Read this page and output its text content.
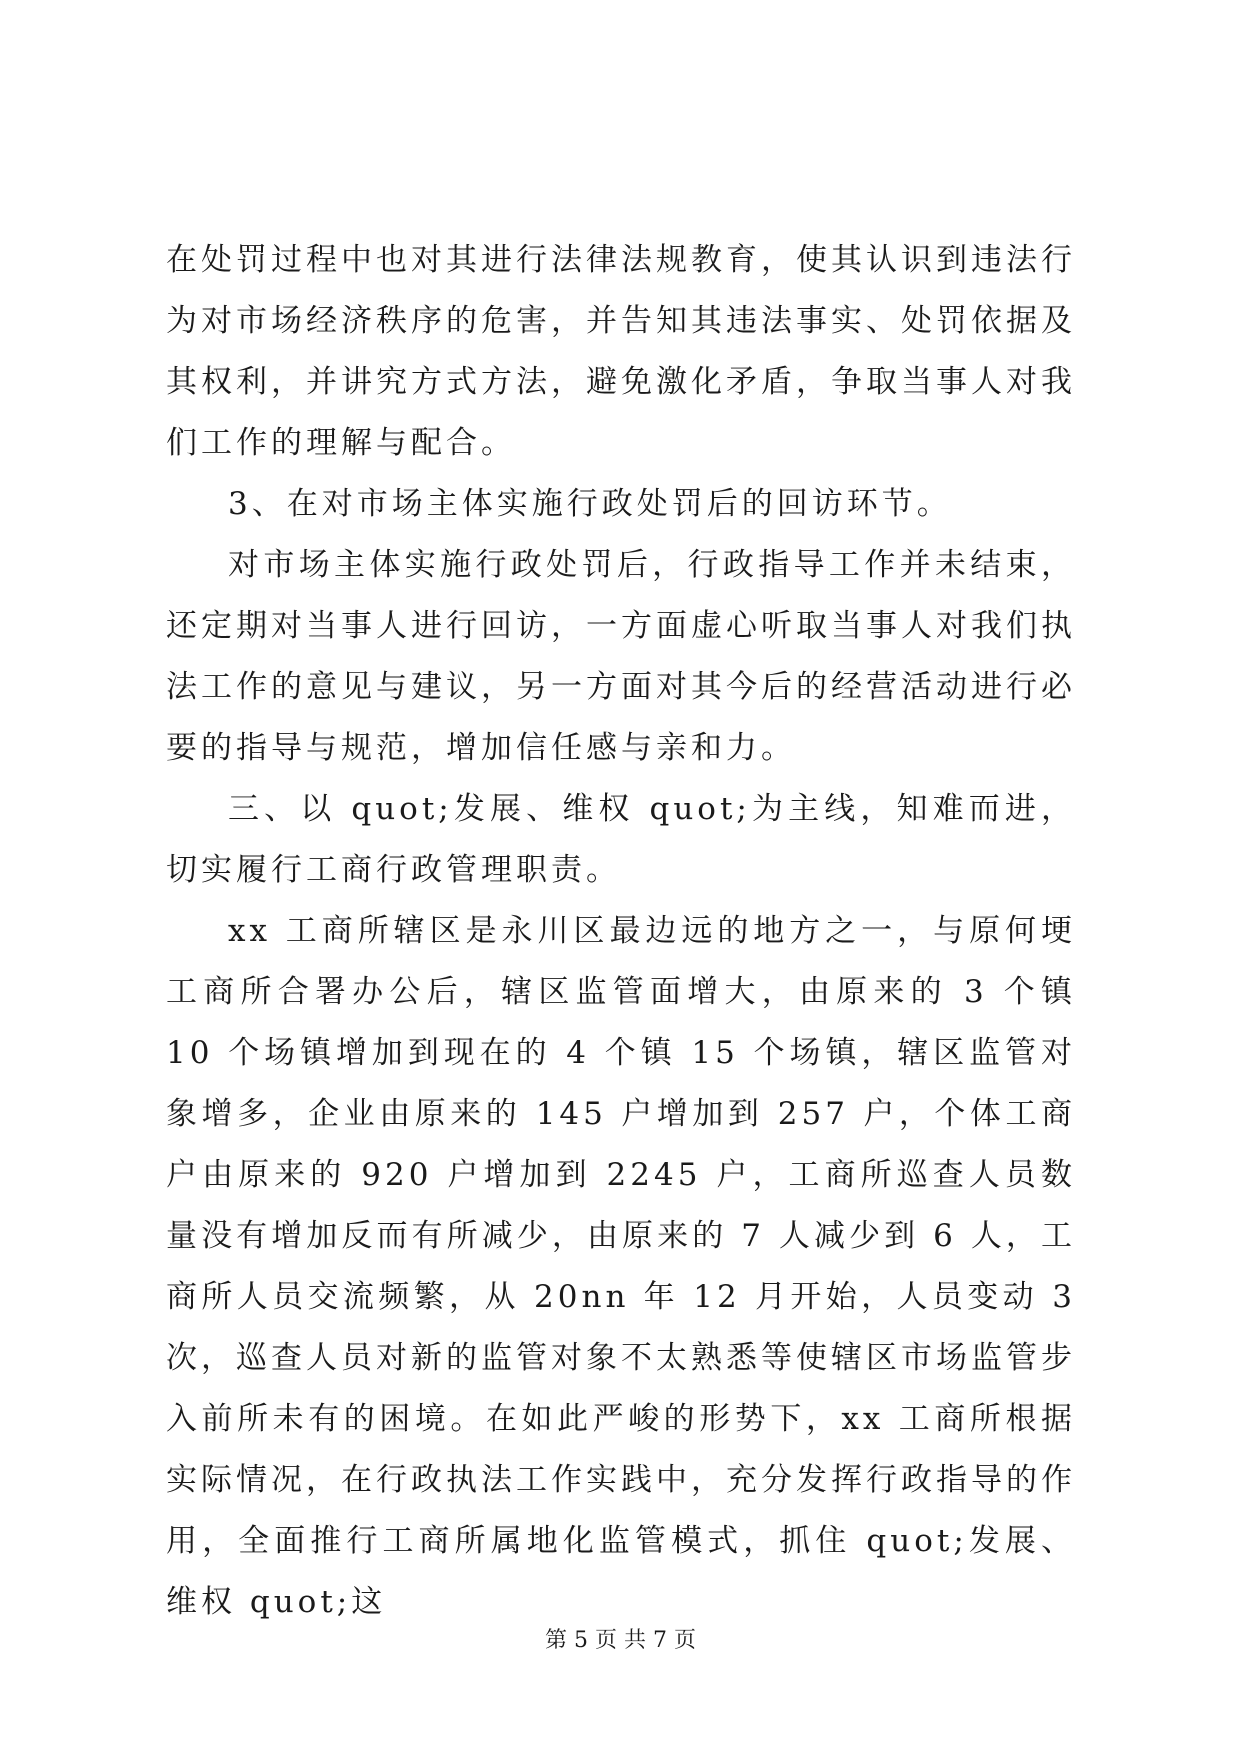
在处罚过程中也对其进行法律法规教育，使其认识到违法行为对市场经济秩序的危害，并告知其违法事实、处罚依据及其权利，并讲究方式方法，避免激化矛盾，争取当事人对我们工作的理解与配合。

3、在对市场主体实施行政处罚后的回访环节。

对市场主体实施行政处罚后，行政指导工作并未结束，还定期对当事人进行回访，一方面虚心听取当事人对我们执法工作的意见与建议，另一方面对其今后的经营活动进行必要的指导与规范，增加信任感与亲和力。

三、以 quot;发展、维权 quot;为主线，知难而进，切实履行工商行政管理职责。

xx 工商所辖区是永川区最边远的地方之一，与原何埂工商所合署办公后，辖区监管面增大，由原来的 3 个镇 10 个场镇增加到现在的 4 个镇 15 个场镇，辖区监管对象增多，企业由原来的 145 户增加到 257 户，个体工商户由原来的 920 户增加到 2245 户，工商所巡查人员数量没有增加反而有所减少，由原来的 7 人减少到 6 人，工商所人员交流频繁，从 20nn 年 12 月开始，人员变动 3 次，巡查人员对新的监管对象不太熟悉等使辖区市场监管步入前所未有的困境。在如此严峻的形势下，xx 工商所根据实际情况，在行政执法工作实践中，充分发挥行政指导的作用，全面推行工商所属地化监管模式，抓住 quot;发展、维权 quot;这

第 5 页 共 7 页
